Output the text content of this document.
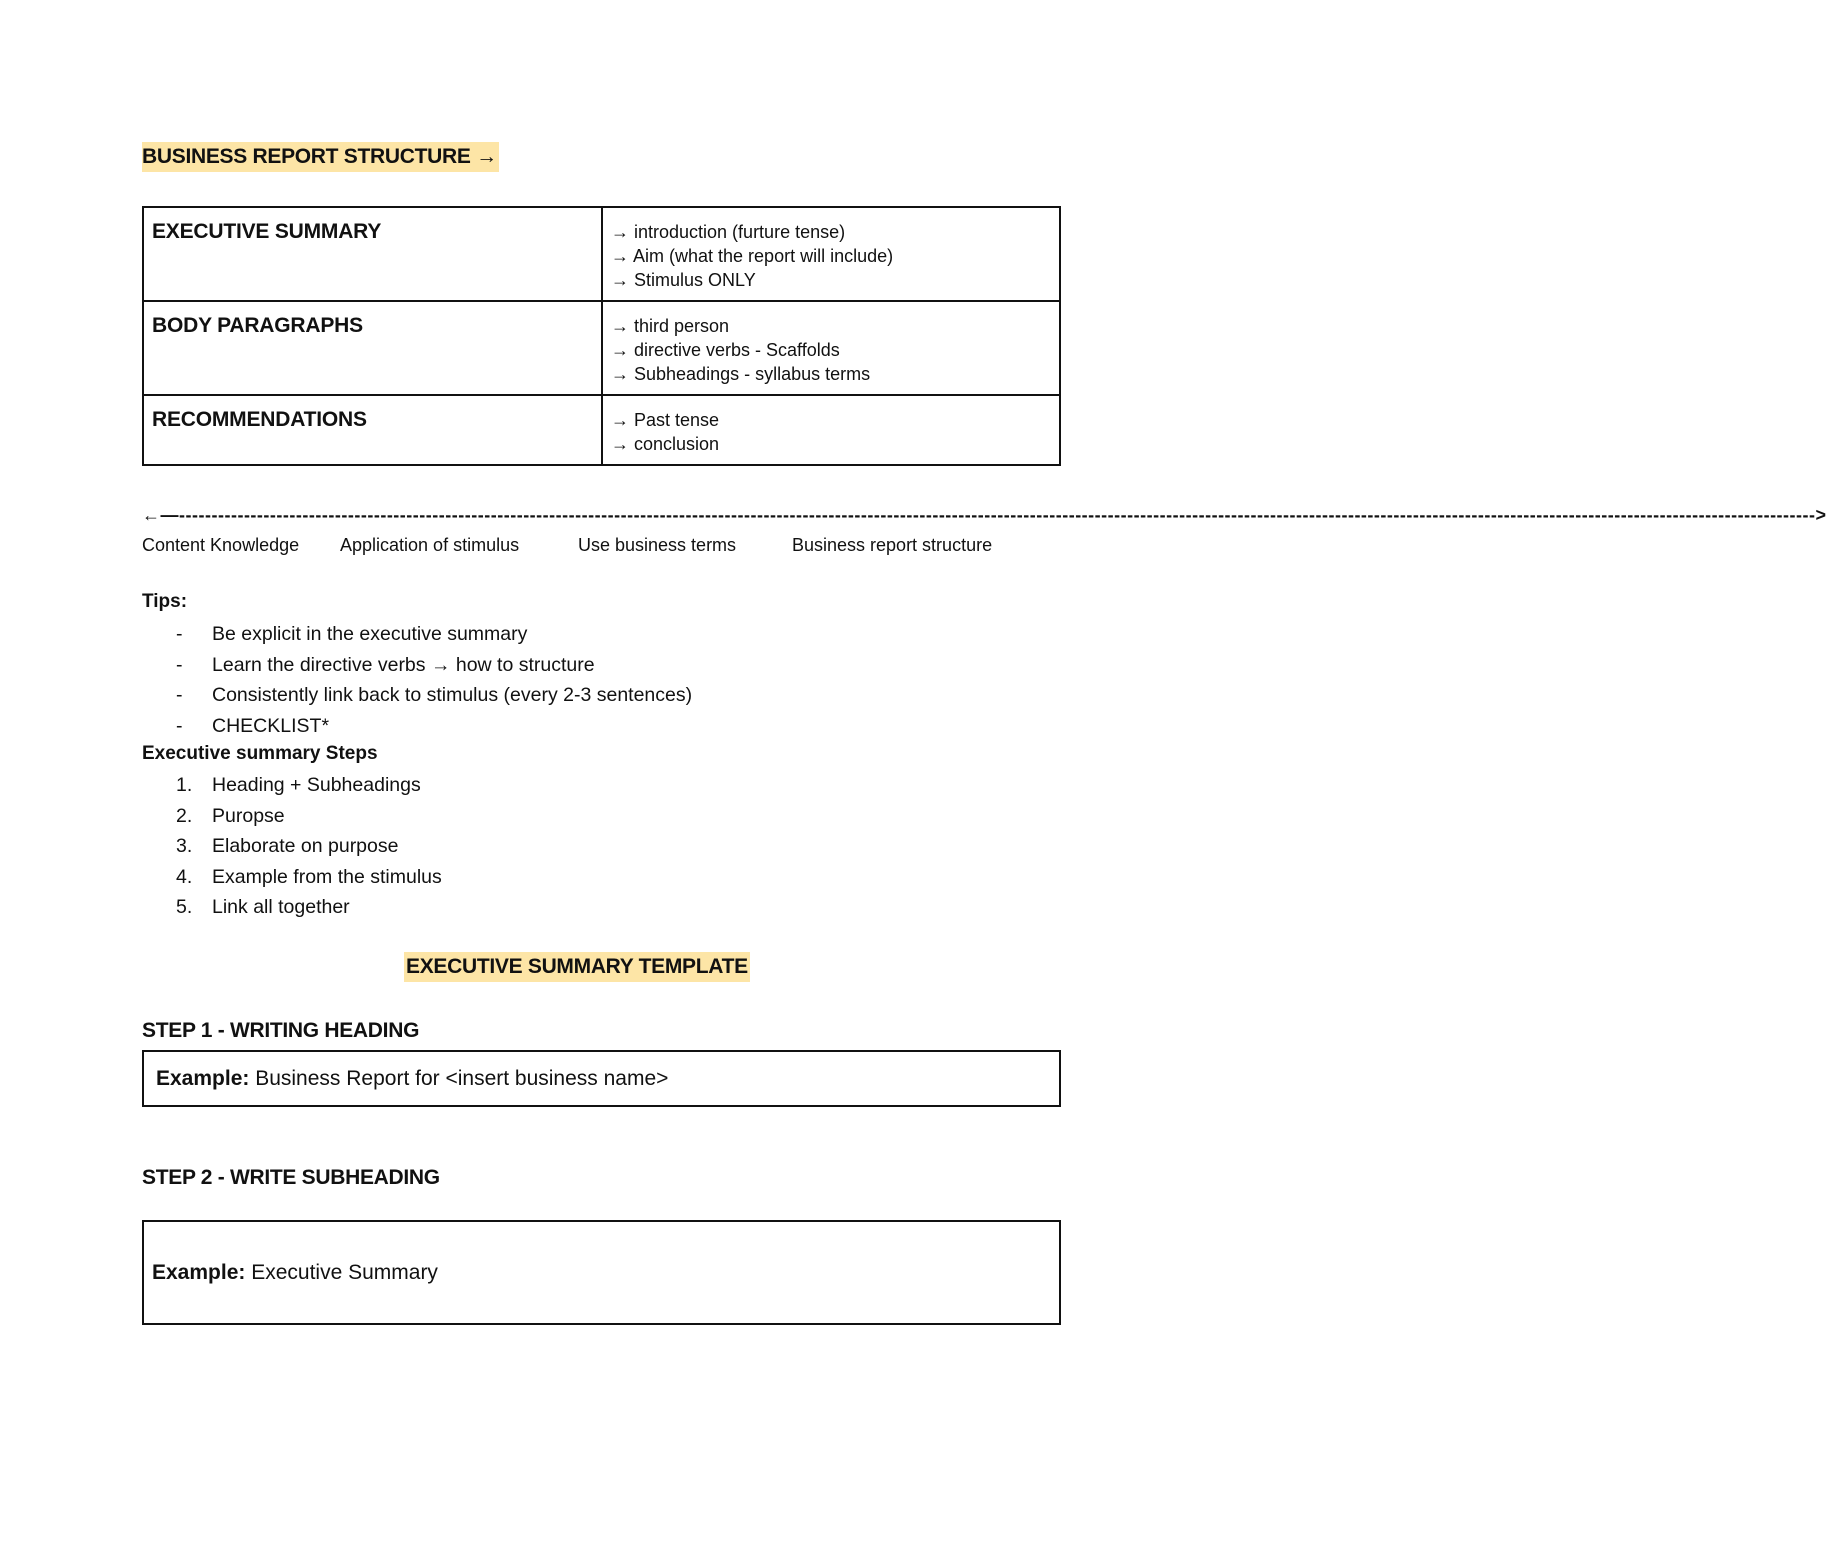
BUSINESS REPORT STRUCTURE →
EXECUTIVE SUMMARY	→ introduction (furture tense)
→ Aim (what the report will include)
→ Stimulus ONLY

BODY PARAGRAPHS	→ third person
→ directive verbs - Scaffolds
→ Subheadings - syllabus terms

RECOMMENDATIONS	→ Past tense
→ conclusion
←—------------------------------------------------------------------------------------------------------------------------------------------------------------------------------------------------------------------------------------------------------------>
Content Knowledge Application of stimulus	Use business terms	Business report structure
Tips:
- Be explicit in the executive summary
- Learn the directive verbs → how to structure
- Consistently link back to stimulus (every 2-3 sentences)
- CHECKLIST*
Executive summary Steps
1. Heading + Subheadings
2. Puropse
3. Elaborate on purpose
4. Example from the stimulus
5. Link all together
EXECUTIVE SUMMARY TEMPLATE
STEP 1 - WRITING HEADING
Example: Business Report for <insert business name>
STEP 2 - WRITE SUBHEADING
Example: Executive Summary
